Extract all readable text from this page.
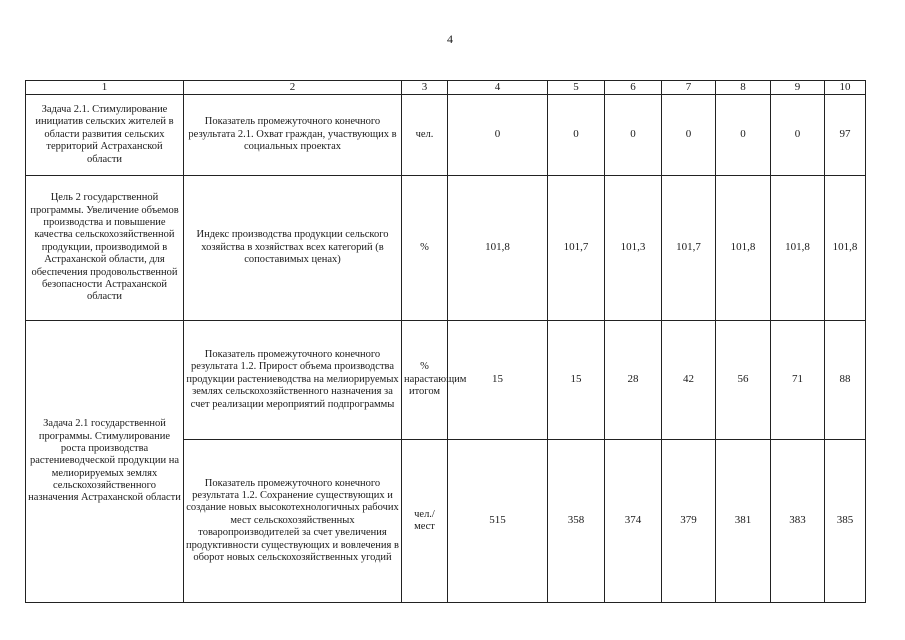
4
1	2	3	4	5	6	7	8	9	10
Задача 2.1. Стимулирование инициатив сельских жителей в области развития сельских территорий Астраханской области	Показатель промежуточного конечного результата 2.1. Охват граждан, участвующих в социальных проектах	чел.	0	0	0	0	0	0	97
Цель 2 государственной программы. Увеличение объемов производства и повышение качества сельскохозяйственной продукции, производимой в Астраханской области, для обеспечения продовольственной безопасности Астраханской области	Индекс производства продукции сельского хозяйства в хозяйствах всех категорий (в сопоставимых ценах)	%	101,8	101,7	101,3	101,7	101,8	101,8	101,8
Задача 2.1 государственной программы. Стимулирование роста производства растениеводческой продукции на мелиорируемых землях сельскохозяйственного назначения Астраханской области	Показатель промежуточного конечного результата 1.2. Прирост объема производства продукции растениеводства на мелиорируемых землях сельскохозяйственного назначения за счет реализации мероприятий подпрограммы	% нарастающим итогом	15	15	28	42	56	71	88
	Показатель промежуточного конечного результата 1.2. Сохранение существующих и создание новых высокотехнологичных рабочих мест сельскохозяйственных товаропроизводителей за счет увеличения продуктивности существующих и вовлечения в оборот новых сельскохозяйственных угодий	чел./мест	515	358	374	379	381	383	385
